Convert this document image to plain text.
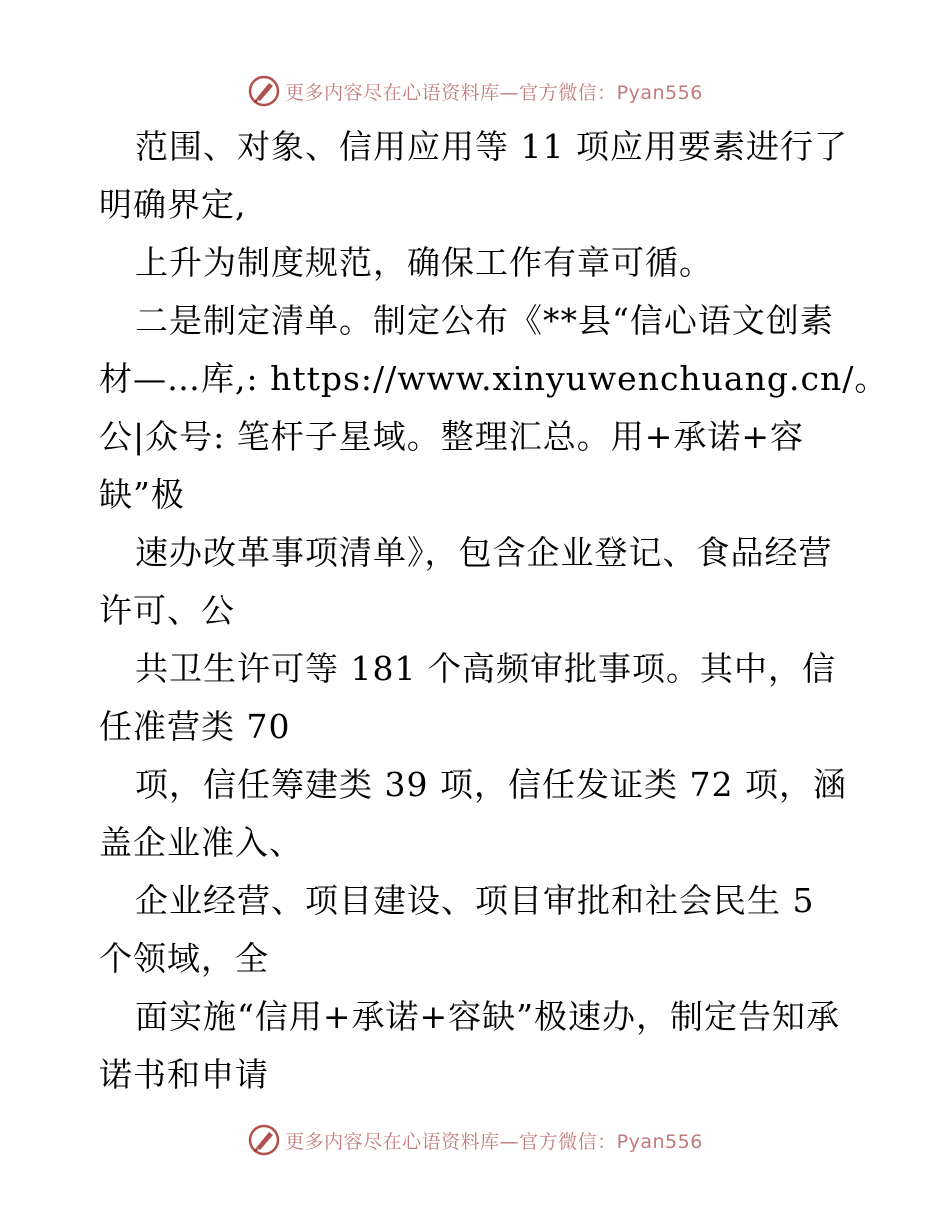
更多内容尽在心语资料库—官方微信：Pyan556
范围、对象、信用应用等 11 项应用要素进行了
明确界定,
上升为制度规范，确保工作有章可循。
二是制定清单。制定公布《**县“信心语文创素
材—…库,: https://www.xinyuwenchuang.cn/。
公|众号: 笔杆子星域。整理汇总。用+承诺+容
缺”极
速办改革事项清单》，包含企业登记、食品经营
许可、公
共卫生许可等 181 个高频审批事项。其中，信
任准营类 70
项，信任筹建类 39 项，信任发证类 72 项，涵
盖企业准入、
企业经营、项目建设、项目审批和社会民生 5
个领域，全
面实施“信用+承诺+容缺”极速办，制定告知承
诺书和申请
更多内容尽在心语资料库—官方微信：Pyan556
